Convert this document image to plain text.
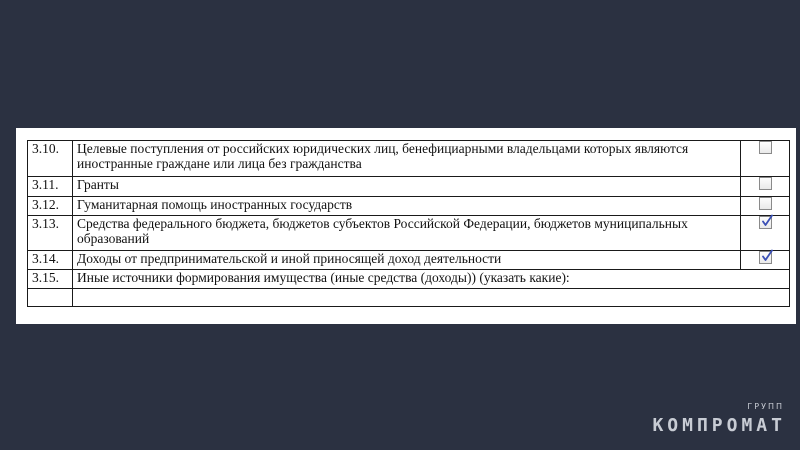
3.10.	Целевые поступления от российских юридических лиц, бенефициарными владельцами которых являются иностранные граждане или лица без гражданства	
3.11.	Гранты	
3.12.	Гуманитарная помощь иностранных государств	
3.13.	Средства федерального бюджета, бюджетов субъектов Российской Федерации, бюджетов муниципальных образований	

3.14.	Доходы от предпринимательской и иной приносящей доход деятельности	

3.15.	Иные источники формирования имущества (иные средства (доходы)) (указать какие):	

ГРУПП
КОМПРОМАТ
